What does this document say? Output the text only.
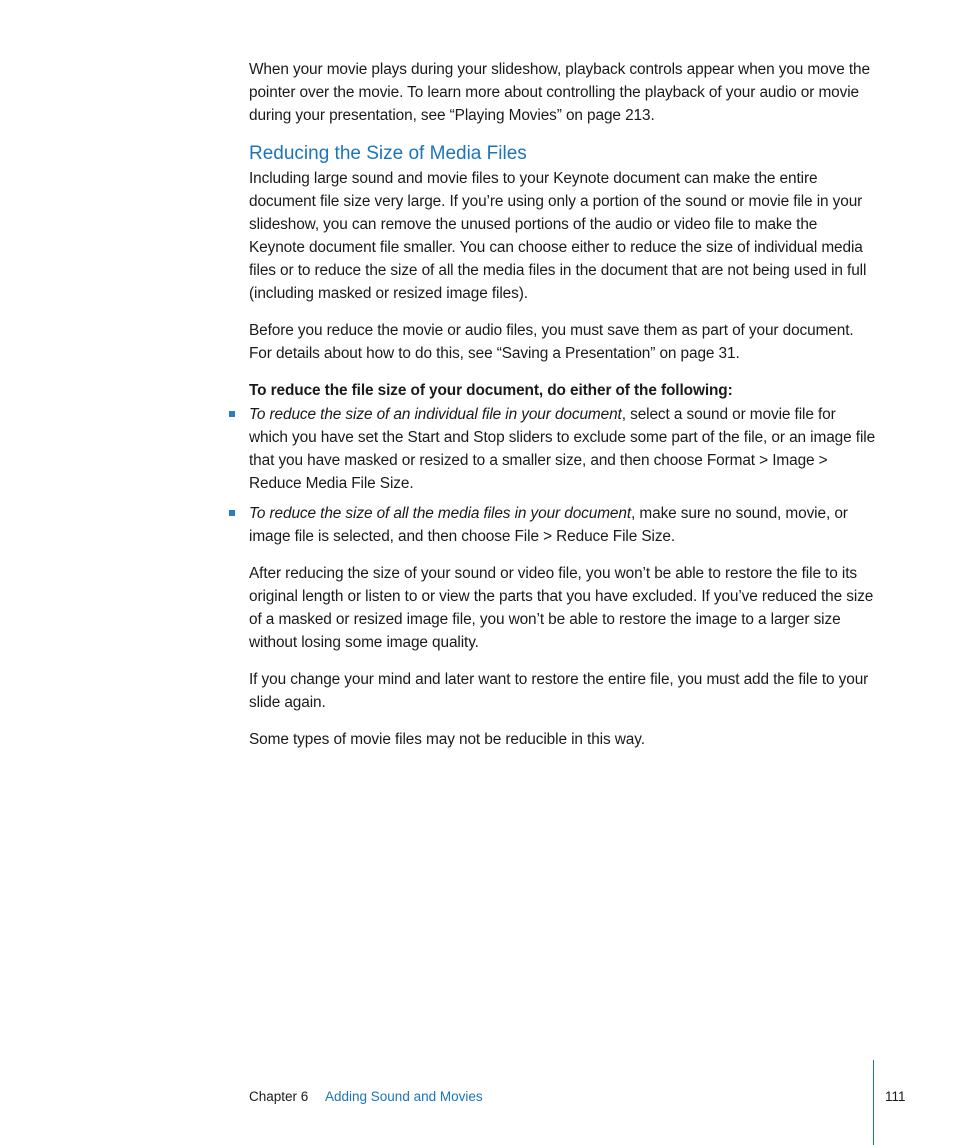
When your movie plays during your slideshow, playback controls appear when you move the pointer over the movie. To learn more about controlling the playback of your audio or movie during your presentation, see “Playing Movies” on page 213.

Reducing the Size of Media Files

Including large sound and movie files to your Keynote document can make the entire document file size very large. If you’re using only a portion of the sound or movie file in your slideshow, you can remove the unused portions of the audio or video file to make the Keynote document file smaller. You can choose either to reduce the size of individual media files or to reduce the size of all the media files in the document that are not being used in full (including masked or resized image files).

Before you reduce the movie or audio files, you must save them as part of your document. For details about how to do this, see “Saving a Presentation” on page 31.

To reduce the file size of your document, do either of the following:

To reduce the size of an individual file in your document, select a sound or movie file for which you have set the Start and Stop sliders to exclude some part of the file, or an image file that you have masked or resized to a smaller size, and then choose Format > Image > Reduce Media File Size.
To reduce the size of all the media files in your document, make sure no sound, movie, or image file is selected, and then choose File > Reduce File Size.

After reducing the size of your sound or video file, you won’t be able to restore the file to its original length or listen to or view the parts that you have excluded. If you’ve reduced the size of a masked or resized image file, you won’t be able to restore the image to a larger size without losing some image quality.

If you change your mind and later want to restore the entire file, you must add the file to your slide again.

Some types of movie files may not be reducible in this way.

Chapter 6 Adding Sound and Movies	111
